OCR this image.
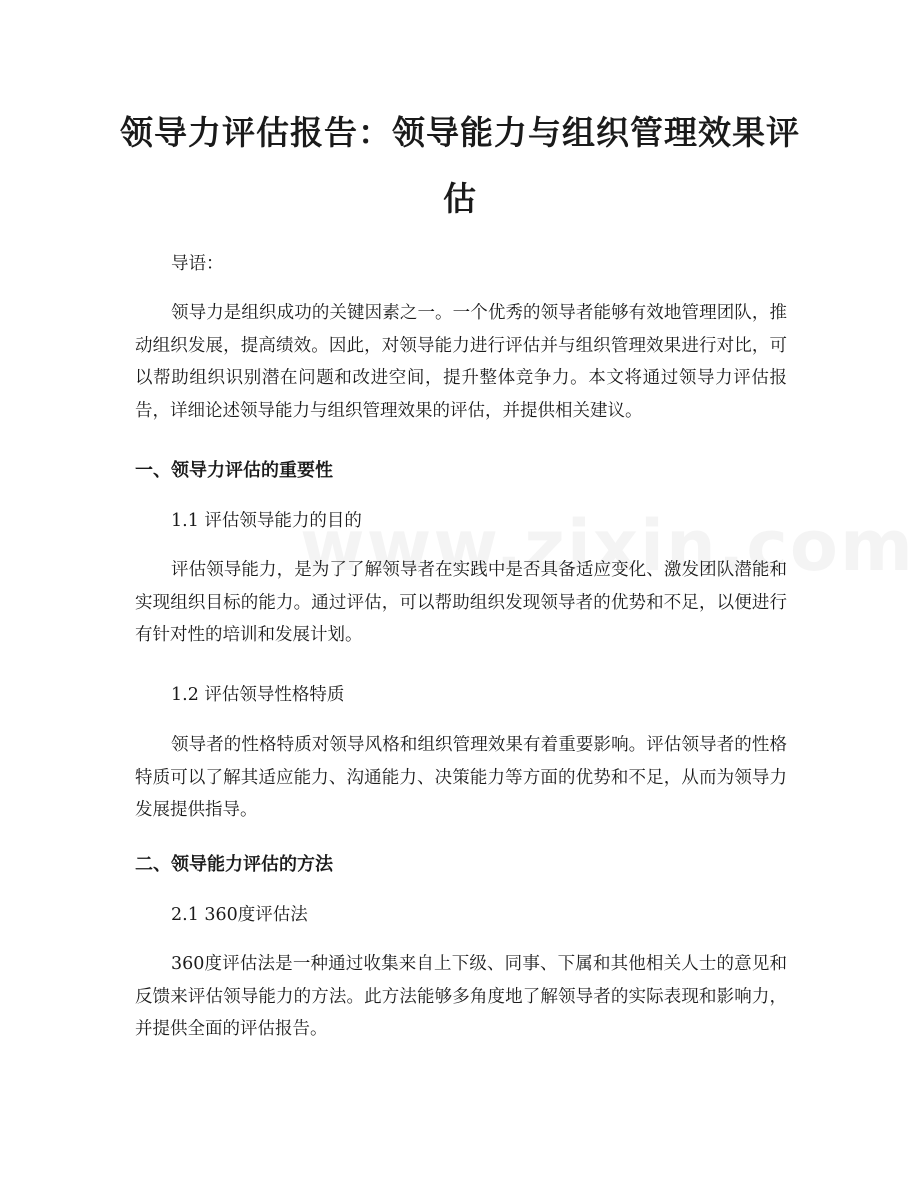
领导力评估报告：领导能力与组织管理效果评估

导语：

领导力是组织成功的关键因素之一。一个优秀的领导者能够有效地管理团队，推动组织发展，提高绩效。因此，对领导能力进行评估并与组织管理效果进行对比，可以帮助组织识别潜在问题和改进空间，提升整体竞争力。本文将通过领导力评估报告，详细论述领导能力与组织管理效果的评估，并提供相关建议。

一、领导力评估的重要性

1.1 评估领导能力的目的

评估领导能力，是为了了解领导者在实践中是否具备适应变化、激发团队潜能和实现组织目标的能力。通过评估，可以帮助组织发现领导者的优势和不足，以便进行有针对性的培训和发展计划。

1.2 评估领导性格特质

领导者的性格特质对领导风格和组织管理效果有着重要影响。评估领导者的性格特质可以了解其适应能力、沟通能力、决策能力等方面的优势和不足，从而为领导力发展提供指导。

二、领导能力评估的方法

2.1 360度评估法

360度评估法是一种通过收集来自上下级、同事、下属和其他相关人士的意见和反馈来评估领导能力的方法。此方法能够多角度地了解领导者的实际表现和影响力，并提供全面的评估报告。
